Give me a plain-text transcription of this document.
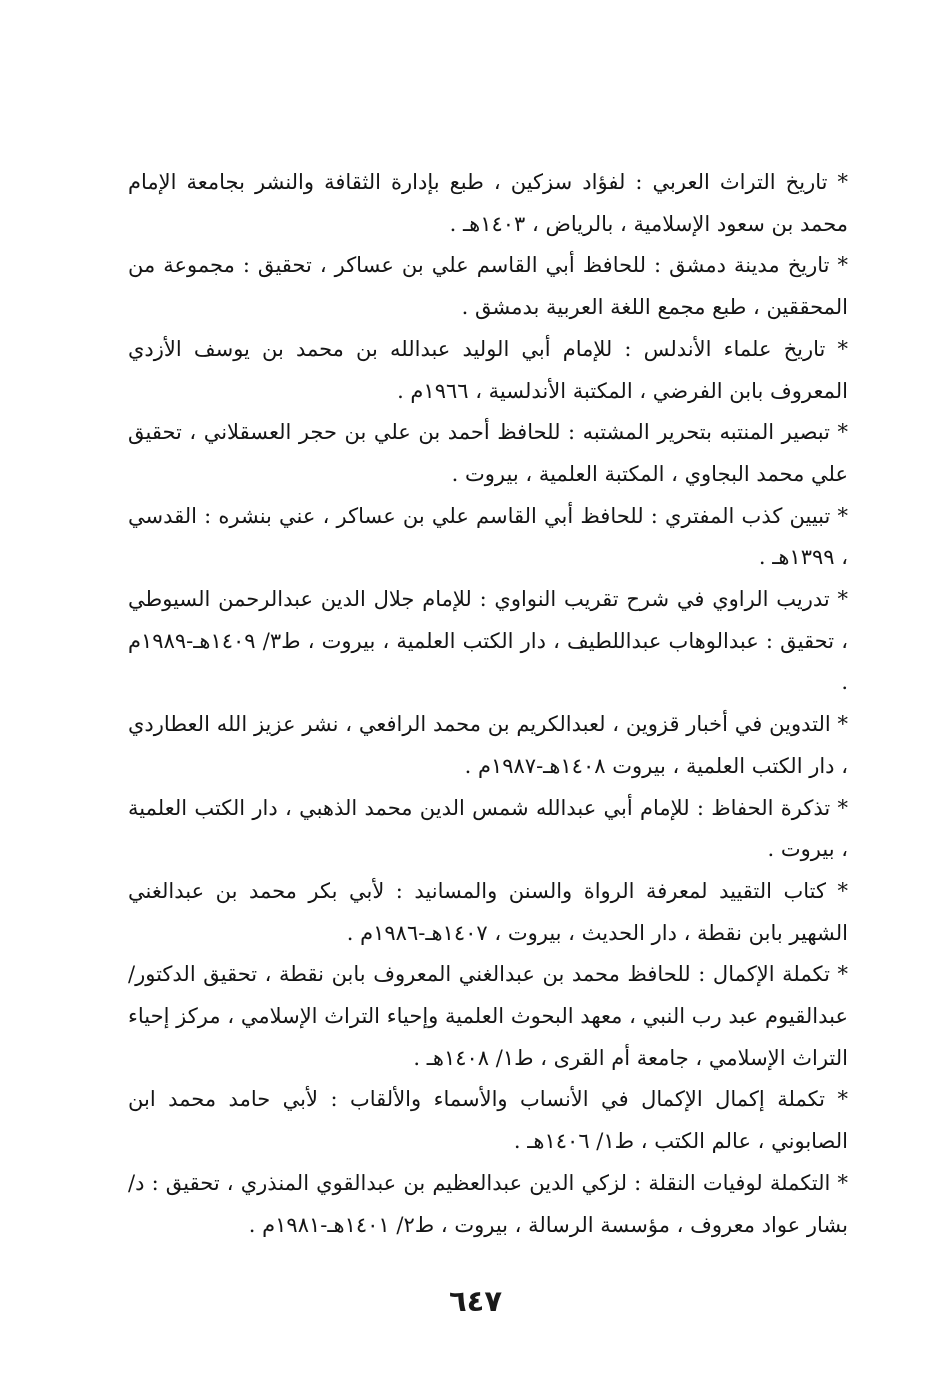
* تاريخ التراث العربي : لفؤاد سزكين ، طبع بإدارة الثقافة والنشر بجامعة الإمام محمد بن سعود الإسلامية ، بالرياض ، ١٤٠٣هـ .

* تاريخ مدينة دمشق : للحافظ أبي القاسم علي بن عساكر ، تحقيق : مجموعة من المحققين ، طبع مجمع اللغة العربية بدمشق .

* تاريخ علماء الأندلس : للإمام أبي الوليد عبدالله بن محمد بن يوسف الأزدي المعروف بابن الفرضي ، المكتبة الأندلسية ، ١٩٦٦م .

* تبصير المنتبه بتحرير المشتبه : للحافظ أحمد بن علي بن حجر العسقلاني ، تحقيق علي محمد البجاوي ، المكتبة العلمية ، بيروت .

* تبيين كذب المفتري : للحافظ أبي القاسم علي بن عساكر ، عني بنشره : القدسي ، ١٣٩٩هـ .

* تدريب الراوي في شرح تقريب النواوي : للإمام جلال الدين عبدالرحمن السيوطي ، تحقيق : عبدالوهاب عبداللطيف ، دار الكتب العلمية ، بيروت ، ط٣/ ١٤٠٩هـ-١٩٨٩م .

* التدوين في أخبار قزوين ، لعبدالكريم بن محمد الرافعي ، نشر عزيز الله العطاردي ، دار الكتب العلمية ، بيروت ١٤٠٨هـ-١٩٨٧م .

* تذكرة الحفاظ : للإمام أبي عبدالله شمس الدين محمد الذهبي ، دار الكتب العلمية ، بيروت .

* كتاب التقييد لمعرفة الرواة والسنن والمسانيد : لأبي بكر محمد بن عبدالغني الشهير بابن نقطة ، دار الحديث ، بيروت ، ١٤٠٧هـ-١٩٨٦م .

* تكملة الإكمال : للحافظ محمد بن عبدالغني المعروف بابن نقطة ، تحقيق الدكتور/ عبدالقيوم عبد رب النبي ، معهد البحوث العلمية وإحياء التراث الإسلامي ، مركز إحياء التراث الإسلامي ، جامعة أم القرى ، ط١/ ١٤٠٨هـ .

* تكملة إكمال الإكمال في الأنساب والأسماء والألقاب : لأبي حامد محمد ابن الصابوني ، عالم الكتب ، ط١/ ١٤٠٦هـ .

* التكملة لوفيات النقلة : لزكي الدين عبدالعظيم بن عبدالقوي المنذري ، تحقيق : د/ بشار عواد معروف ، مؤسسة الرسالة ، بيروت ، ط٢/ ١٤٠١هـ-١٩٨١م .

٦٤٧
